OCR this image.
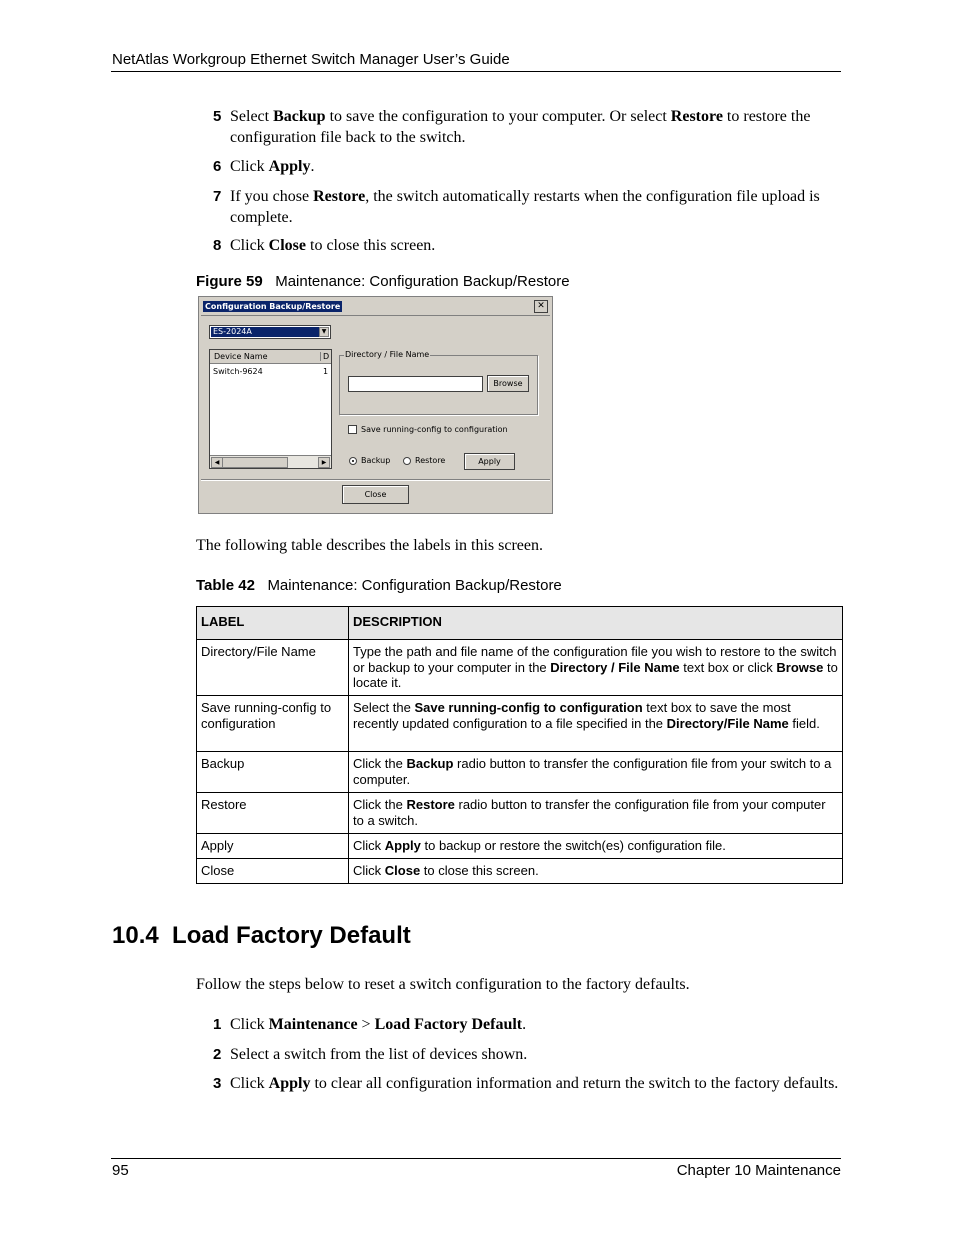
NetAtlas Workgroup Ethernet Switch Manager User’s Guide
5 Select Backup to save the configuration to your computer. Or select Restore to restore the configuration file back to the switch.
6 Click Apply.
7 If you chose Restore, the switch automatically restarts when the configuration file upload is complete.
8 Click Close to close this screen.
Figure 59 Maintenance: Configuration Backup/Restore
Configuration Backup/Restore	✕
ES-2024A	▼
Device Name	D
Switch-9624	1
◀	▶
Directory / File Name
Browse
Save running-config to configuration
Backup	Restore	Apply
Close
The following table describes the labels in this screen.
Table 42 Maintenance: Configuration Backup/Restore
LABEL	DESCRIPTION
Directory/File Name	Type the path and file name of the configuration file you wish to restore to the switch or backup to your computer in the Directory / File Name text box or click Browse to locate it.
Save running-config to configuration	Select the Save running-config to configuration text box to save the most recently updated configuration to a file specified in the Directory/File Name field.
Backup	Click the Backup radio button to transfer the configuration file from your switch to a computer.
Restore	Click the Restore radio button to transfer the configuration file from your computer to a switch.
Apply	Click Apply to backup or restore the switch(es) configuration file.
Close	Click Close to close this screen.
10.4  Load Factory Default
Follow the steps below to reset a switch configuration to the factory defaults.
1 Click Maintenance > Load Factory Default.
2 Select a switch from the list of devices shown.
3 Click Apply to clear all configuration information and return the switch to the factory defaults.
95	Chapter 10 Maintenance
